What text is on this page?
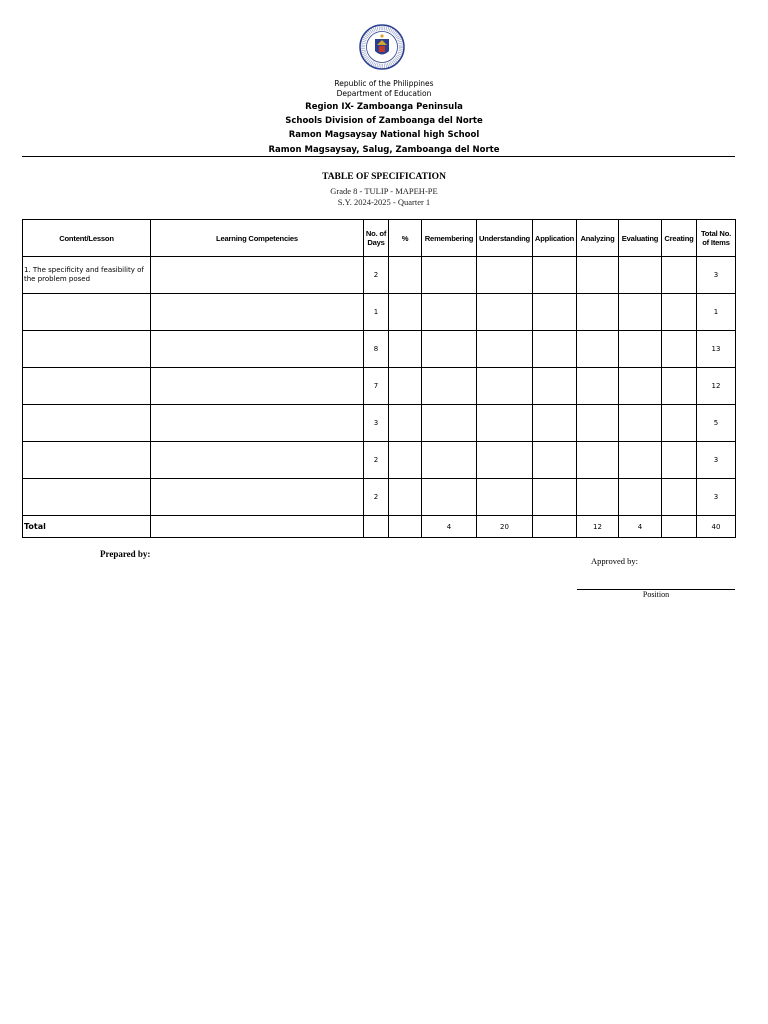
Republic of the Philippines
Department of Education
Region IX- Zamboanga Peninsula
Schools Division of Zamboanga del Norte
Ramon Magsaysay National high School
Ramon Magsaysay, Salug, Zamboanga del Norte
TABLE OF SPECIFICATION
Grade 8 - TULIP - MAPEH-PE
S.Y. 2024-2025 - Quarter 1
Content/Lesson	Learning Competencies	No. of Days	%	Remembering	Understanding	Application	Analyzing	Evaluating	Creating	Total No. of Items
1. The specificity and feasibility of the problem posed		2								3
		1								1
		8								13
		7								12
		3								5
		2								3
		2								3
Total				4	20		12	4		40
Prepared by:
Approved by:
Position
